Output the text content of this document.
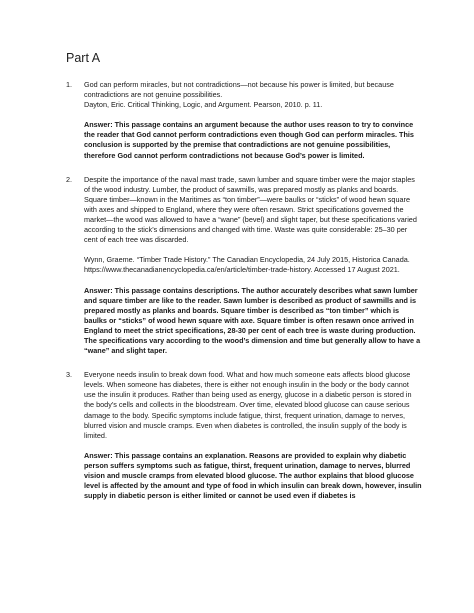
Part A
1. God can perform miracles, but not contradictions—not because his power is limited, but because contradictions are not genuine possibilities.

Dayton, Eric. Critical Thinking, Logic, and Argument. Pearson, 2010. p. 11.

Answer: This passage contains an argument because the author uses reason to try to convince the reader that God cannot perform contradictions even though God can perform miracles. This conclusion is supported by the premise that contradictions are not genuine possibilities, therefore God cannot perform contradictions not because God’s power is limited.

2. Despite the importance of the naval mast trade, sawn lumber and square timber were the major staples of the wood industry. Lumber, the product of sawmills, was prepared mostly as planks and boards. Square timber—known in the Maritimes as “ton timber”—were baulks or “sticks” of wood hewn square with axes and shipped to England, where they were often resawn. Strict specifications governed the market—the wood was allowed to have a “wane” (bevel) and slight taper, but these specifications varied according to the stick’s dimensions and changed with time. Waste was quite considerable: 25–30 per cent of each tree was discarded.

Wynn, Graeme. “Timber Trade History.” The Canadian Encyclopedia, 24 July 2015, Historica Canada. https://www.thecanadianencyclopedia.ca/en/article/timber-trade-history. Accessed 17 August 2021.

Answer: This passage contains descriptions. The author accurately describes what sawn lumber and square timber are like to the reader. Sawn lumber is described as product of sawmills and is prepared mostly as planks and boards. Square timber is described as “ton timber” which is baulks or “sticks” of wood hewn square with axe. Square timber is often resawn once arrived in England to meet the strict specifications, 28-30 per cent of each tree is waste during production. The specifications vary according to the wood’s dimension and time but generally allow to have a “wane” and slight taper.

3. Everyone needs insulin to break down food. What and how much someone eats affects blood glucose levels. When someone has diabetes, there is either not enough insulin in the body or the body cannot use the insulin it produces. Rather than being used as energy, glucose in a diabetic person is stored in the body’s cells and collects in the bloodstream. Over time, elevated blood glucose can cause serious damage to the body. Specific symptoms include fatigue, thirst, frequent urination, damage to nerves, blurred vision and muscle cramps. Even when diabetes is controlled, the insulin supply of the body is limited.

Answer: This passage contains an explanation. Reasons are provided to explain why diabetic person suffers symptoms such as fatigue, thirst, frequent urination, damage to nerves, blurred vision and muscle cramps from elevated blood glucose. The author explains that blood glucose level is affected by the amount and type of food in which insulin can break down, however, insulin supply in diabetic person is either limited or cannot be used even if diabetes is
